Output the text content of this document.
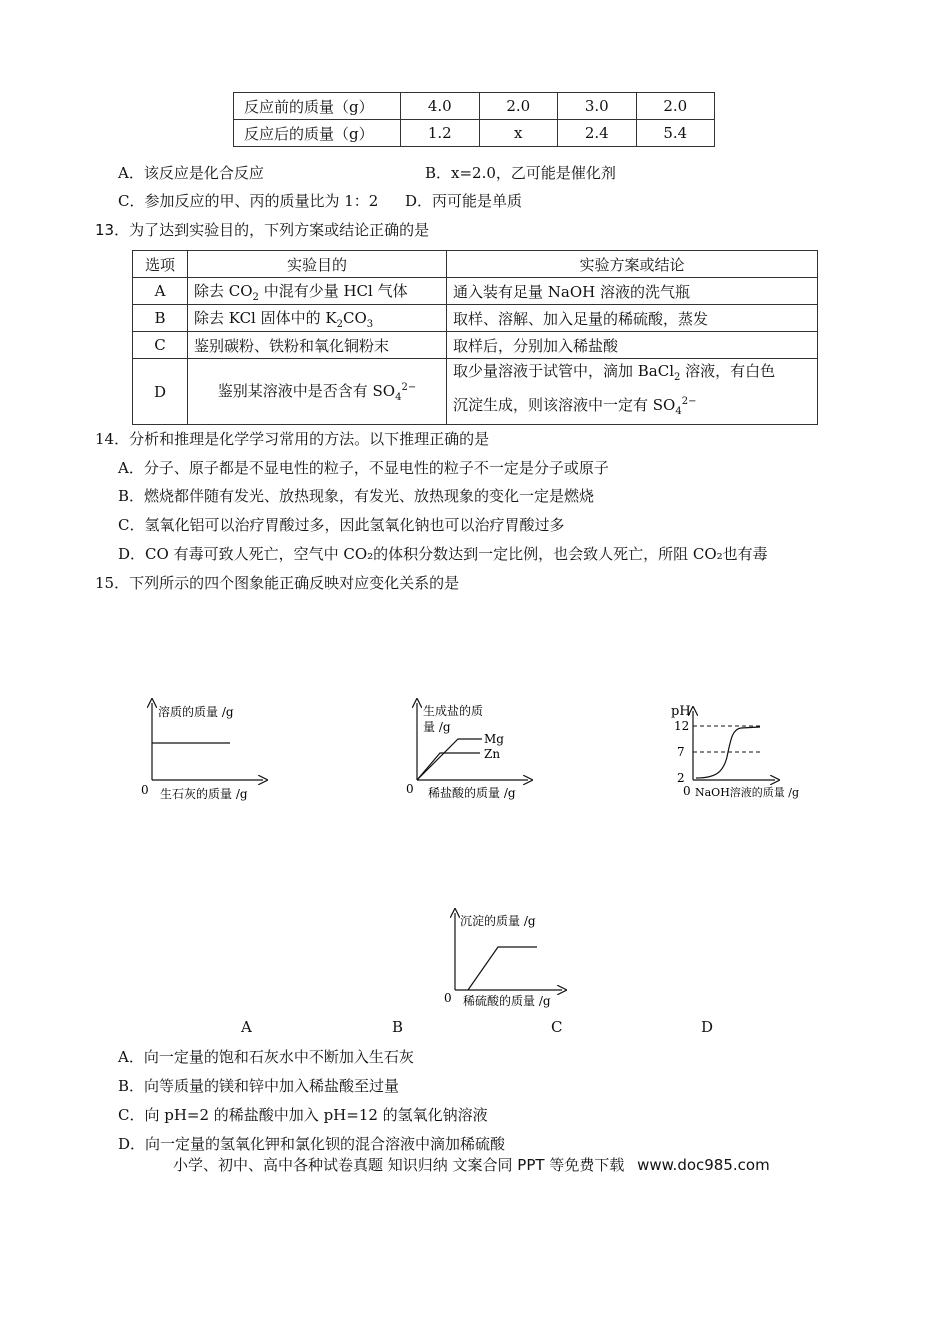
反应前的质量（g）	4.0	2.0	3.0	2.0
反应后的质量（g）	1.2	x	2.4	5.4
A．该反应是化合反应	B．x=2.0，乙可能是催化剂
C．参加反应的甲、丙的质量比为 1：2 D．丙可能是单质
13．为了达到实验目的，下列方案或结论正确的是
选项	实验目的	实验方案或结论
A	除去 $CO_2$ 中混有少量 HCl 气体	通入装有足量 NaOH 溶液的洗气瓶
B	除去 KCl 固体中的 $K_2CO_3$	取样、溶解、加入足量的稀硫酸，蒸发
C	鉴别碳粉、铁粉和氧化铜粉末	取样后，分别加入稀盐酸
D	鉴别某溶液中是否含有 $SO_4^{2-}$	取少量溶液于试管中，滴加 BaCl$_2$ 溶液，有白色
沉淀生成，则该溶液中一定有 $SO_4^{2-}$
14．分析和推理是化学学习常用的方法。以下推理正确的是
A．分子、原子都是不显电性的粒子，不显电性的粒子不一定是分子或原子
B．燃烧都伴随有发光、放热现象，有发光、放热现象的变化一定是燃烧
C．氢氧化铝可以治疗胃酸过多，因此氢氧化钠也可以治疗胃酸过多
D．CO 有毒可致人死亡，空气中 CO₂的体积分数达到一定比例，也会致人死亡，所阻 CO₂也有毒
15．下列所示的四个图象能正确反映对应变化关系的是
溶质的质量 /g
生石灰的质量 /g
0
生成盐的质
量 /g
Mg
Zn
稀盐酸的质量 /g
0
pH
12
7
2
0 NaOH溶液的质量 /g
沉淀的质量 /g
稀硫酸的质量 /g
0
A	B	C	D
A．向一定量的饱和石灰水中不断加入生石灰
B．向等质量的镁和锌中加入稀盐酸至过量
C．向 pH=2 的稀盐酸中加入 pH=12 的氢氧化钠溶液
D．向一定量的氢氧化钾和氯化钡的混合溶液中滴加稀硫酸
小学、初中、高中各种试卷真题 知识归纳 文案合同 PPT 等免费下载 www.doc985.com
